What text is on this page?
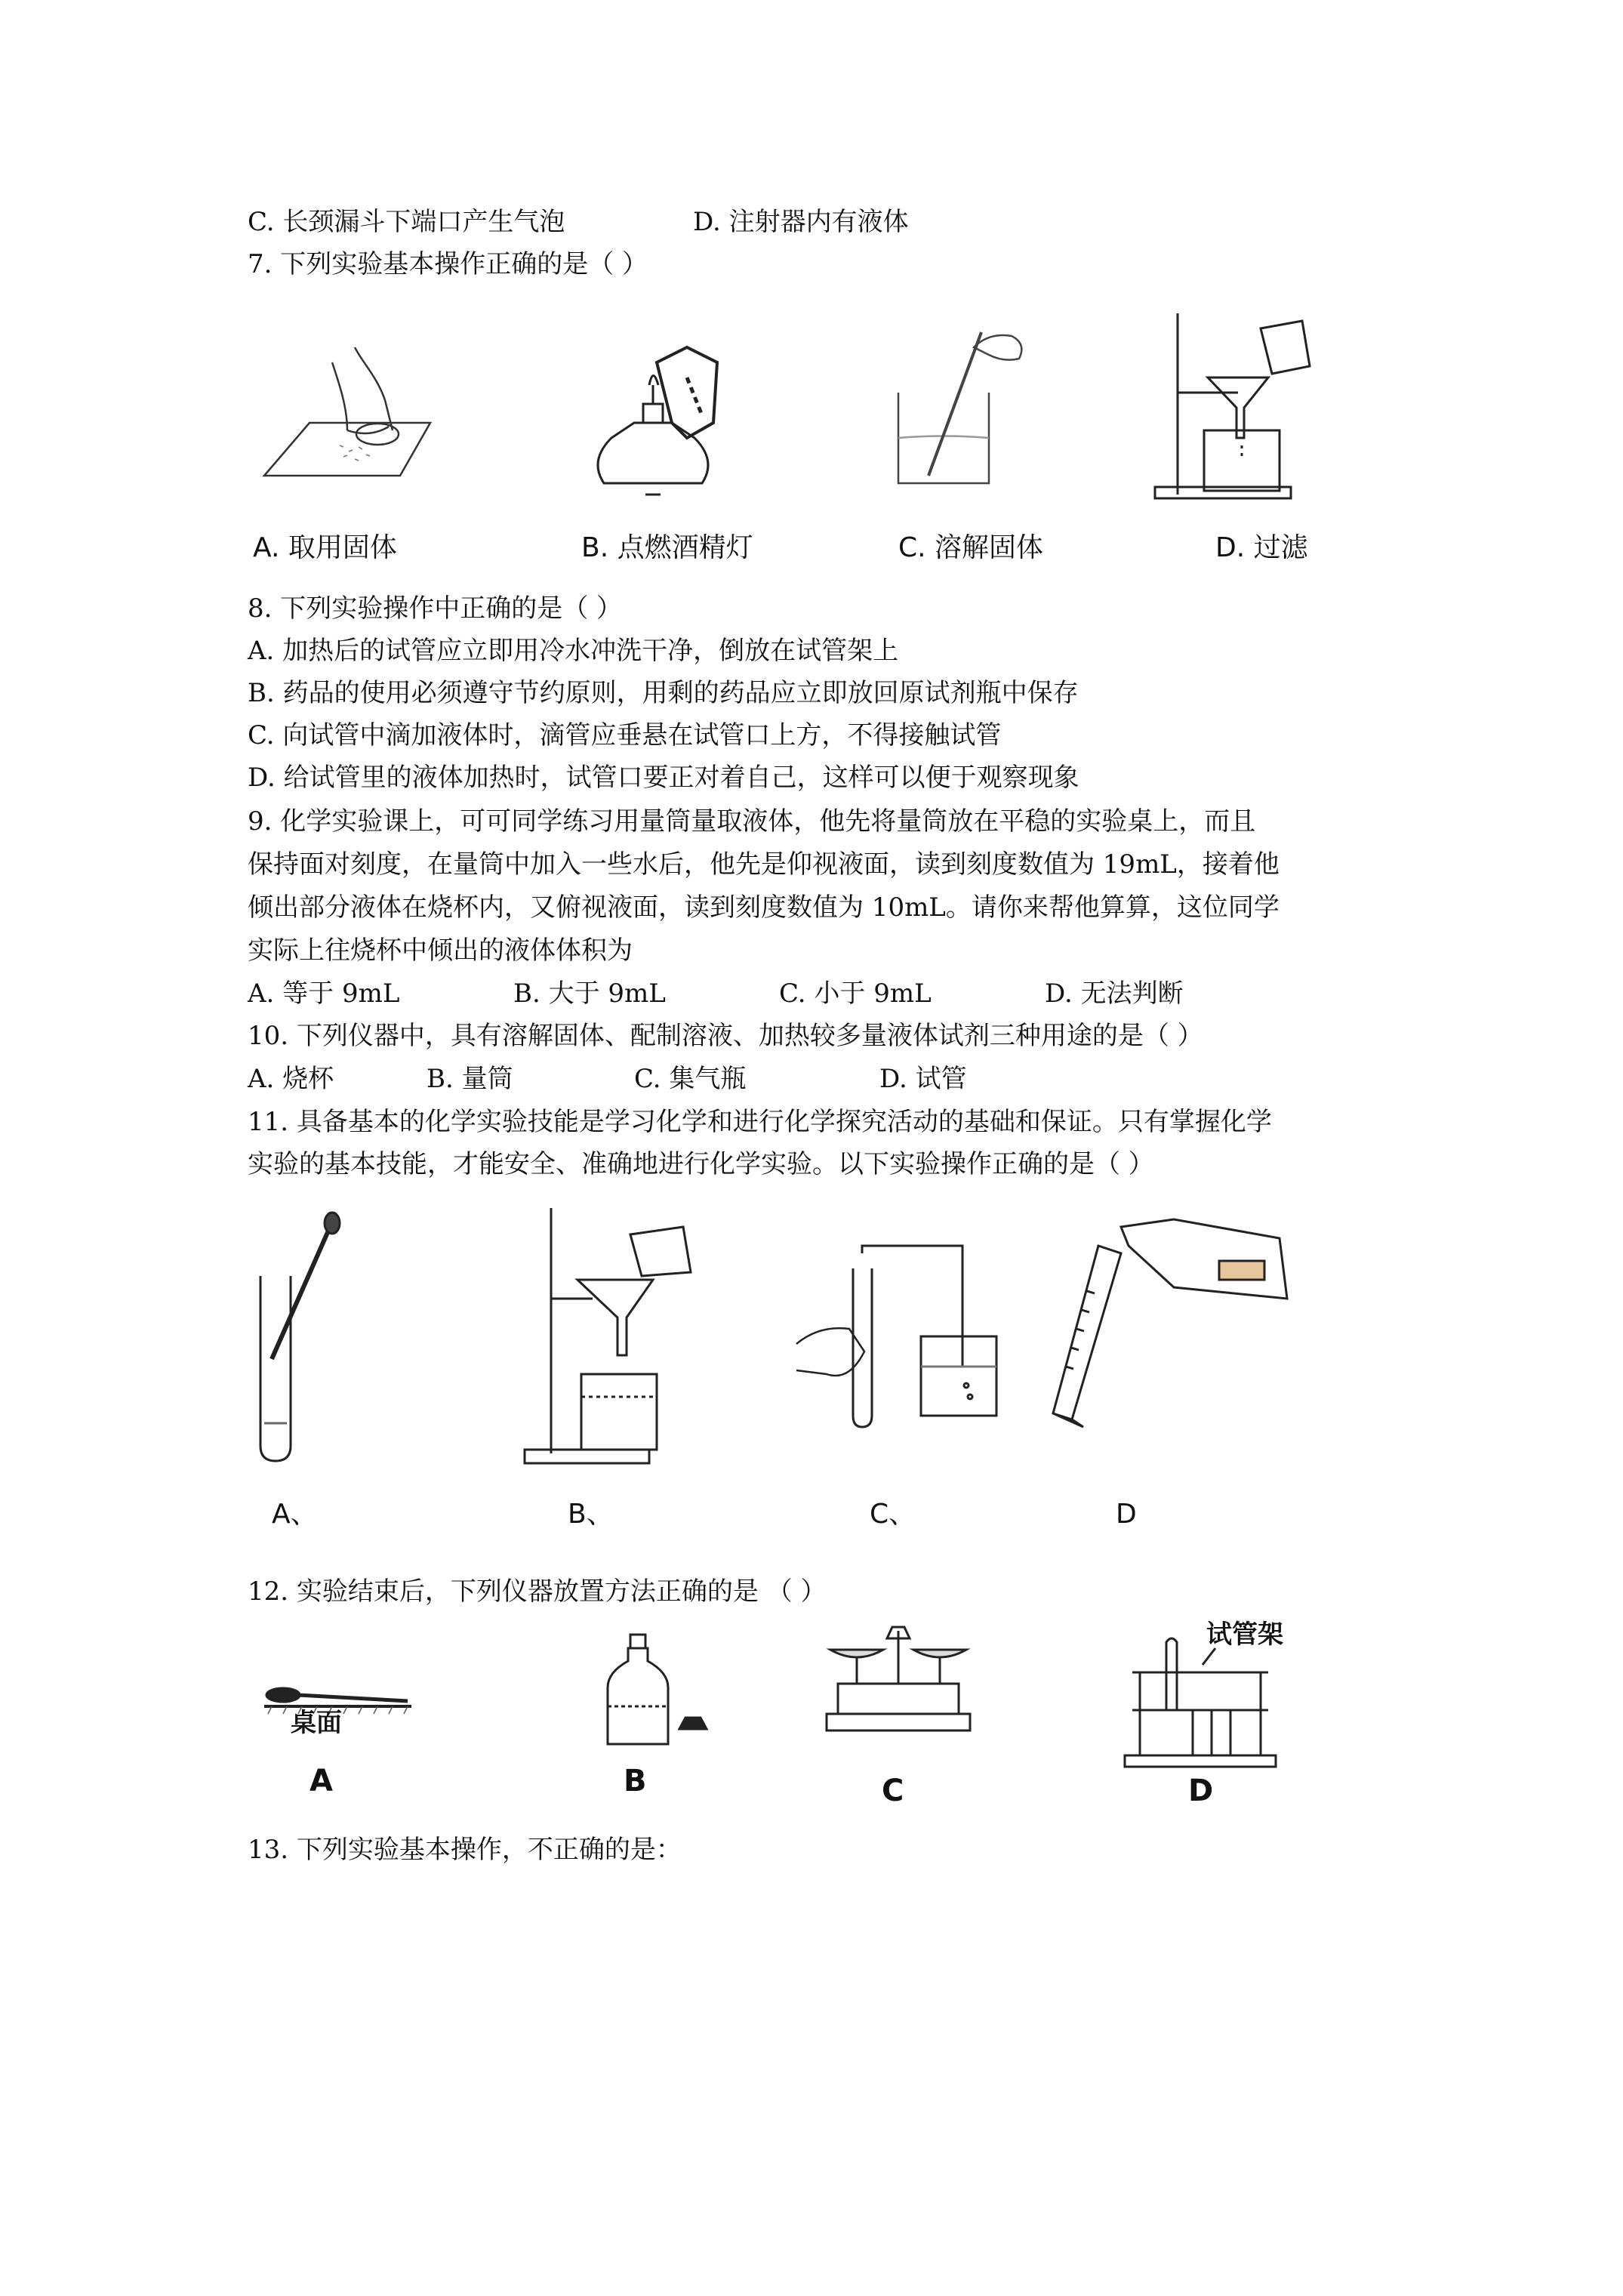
C. 长颈漏斗下端口产生气泡	D. 注射器内有液体
7. 下列实验基本操作正确的是（ ）
A. 取用固体	B. 点燃酒精灯	C. 溶解固体	D. 过滤
8. 下列实验操作中正确的是（ ）
A. 加热后的试管应立即用冷水冲洗干净，倒放在试管架上
B. 药品的使用必须遵守节约原则，用剩的药品应立即放回原试剂瓶中保存
C. 向试管中滴加液体时，滴管应垂悬在试管口上方，不得接触试管
D. 给试管里的液体加热时，试管口要正对着自己，这样可以便于观察现象
9. 化学实验课上，可可同学练习用量筒量取液体，他先将量筒放在平稳的实验桌上，而且
保持面对刻度，在量筒中加入一些水后，他先是仰视液面，读到刻度数值为 19mL，接着他
倾出部分液体在烧杯内，又俯视液面，读到刻度数值为 10mL。请你来帮他算算，这位同学
实际上往烧杯中倾出的液体体积为
A. 等于 9mL	B. 大于 9mL	C. 小于 9mL	D. 无法判断
10. 下列仪器中，具有溶解固体、配制溶液、加热较多量液体试剂三种用途的是（ ）
A. 烧杯	B. 量筒	C. 集气瓶	D. 试管
11. 具备基本的化学实验技能是学习化学和进行化学探究活动的基础和保证。只有掌握化学
实验的基本技能，才能安全、准确地进行化学实验。以下实验操作正确的是（ ）
A、	B、	C、	D
12. 实验结束后，下列仪器放置方法正确的是 （ ）
桌面
试管架
A	B	C	D
13. 下列实验基本操作，不正确的是：
